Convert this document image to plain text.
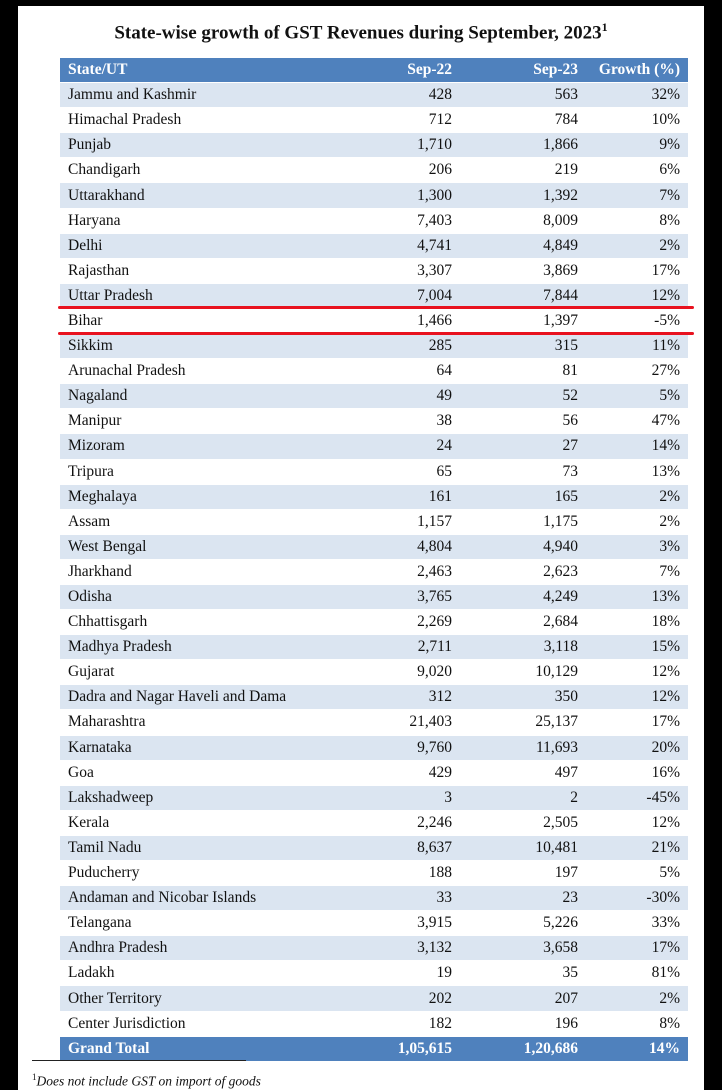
State-wise growth of GST Revenues during September, 2023$^1$
State/UT	Sep-22	Sep-23	Growth (%)
Jammu and Kashmir	428	563	32%
Himachal Pradesh	712	784	10%
Punjab	1,710	1,866	9%
Chandigarh	206	219	6%
Uttarakhand	1,300	1,392	7%
Haryana	7,403	8,009	8%
Delhi	4,741	4,849	2%
Rajasthan	3,307	3,869	17%
Uttar Pradesh	7,004	7,844	12%
Bihar	1,466	1,397	-5%
Sikkim	285	315	11%
Arunachal Pradesh	64	81	27%
Nagaland	49	52	5%
Manipur	38	56	47%
Mizoram	24	27	14%
Tripura	65	73	13%
Meghalaya	161	165	2%
Assam	1,157	1,175	2%
West Bengal	4,804	4,940	3%
Jharkhand	2,463	2,623	7%
Odisha	3,765	4,249	13%
Chhattisgarh	2,269	2,684	18%
Madhya Pradesh	2,711	3,118	15%
Gujarat	9,020	10,129	12%
Dadra and Nagar Haveli and Dama	312	350	12%
Maharashtra	21,403	25,137	17%
Karnataka	9,760	11,693	20%
Goa	429	497	16%
Lakshadweep	3	2	-45%
Kerala	2,246	2,505	12%
Tamil Nadu	8,637	10,481	21%
Puducherry	188	197	5%
Andaman and Nicobar Islands	33	23	-30%
Telangana	3,915	5,226	33%
Andhra Pradesh	3,132	3,658	17%
Ladakh	19	35	81%
Other Territory	202	207	2%
Center Jurisdiction	182	196	8%
Grand Total	1,05,615	1,20,686	14%
$^1$Does not include GST on import of goods
